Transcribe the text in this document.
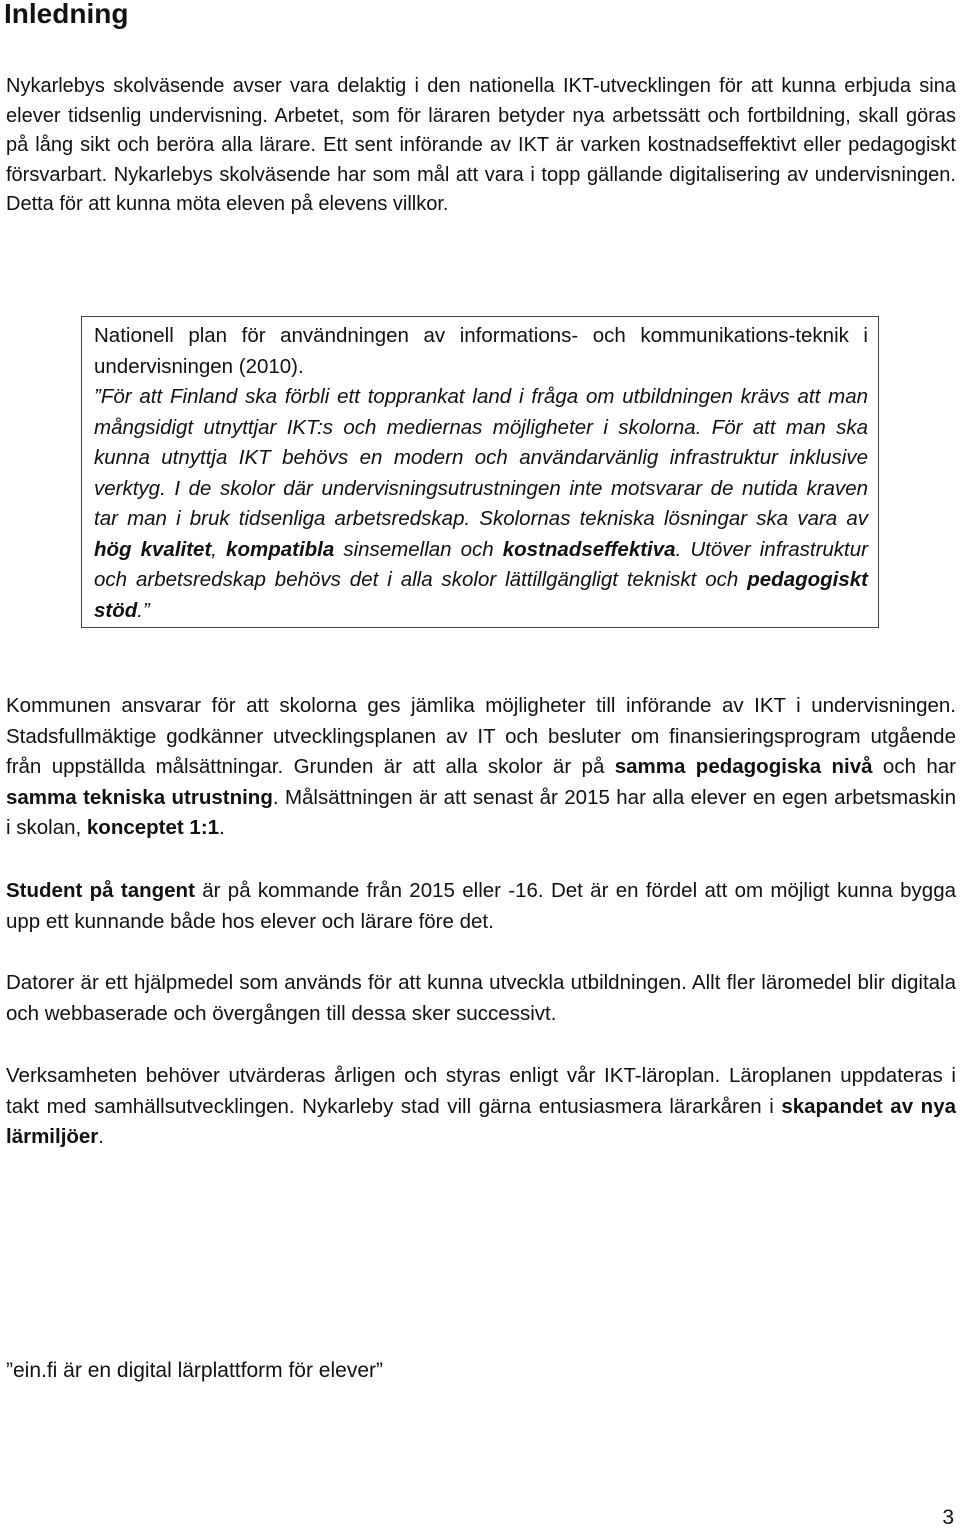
Inledning

Nykarlebys skolväsende avser vara delaktig i den nationella IKT-utvecklingen för att kunna erbjuda sina elever tidsenlig undervisning. Arbetet, som för läraren betyder nya arbetssätt och fortbildning, skall göras på lång sikt och beröra alla lärare. Ett sent införande av IKT är varken kostnadseffektivt eller pedagogiskt försvarbart. Nykarlebys skolväsende har som mål att vara i topp gällande digitalisering av undervisningen. Detta för att kunna möta eleven på elevens villkor.

Nationell plan för användningen av informations- och kommunikations-teknik i undervisningen (2010).

”För att Finland ska förbli ett topprankat land i fråga om utbildningen krävs att man mångsidigt utnyttjar IKT:s och mediernas möjligheter i skolorna. För att man ska kunna utnyttja IKT behövs en modern och användarvänlig infrastruktur inklusive verktyg. I de skolor där undervisningsutrustningen inte motsvarar de nutida kraven tar man i bruk tidsenliga arbetsredskap. Skolornas tekniska lösningar ska vara av hög kvalitet, kompatibla sinsemellan och kostnadseffektiva. Utöver infrastruktur och arbetsredskap behövs det i alla skolor lättillgängligt tekniskt och pedagogiskt stöd.”

Kommunen ansvarar för att skolorna ges jämlika möjligheter till införande av IKT i undervisningen. Stadsfullmäktige godkänner utvecklingsplanen av IT och besluter om finansieringsprogram utgående från uppställda målsättningar. Grunden är att alla skolor är på samma pedagogiska nivå och har samma tekniska utrustning. Målsättningen är att senast år 2015 har alla elever en egen arbetsmaskin i skolan, konceptet 1:1.

Student på tangent är på kommande från 2015 eller -16. Det är en fördel att om möjligt kunna bygga upp ett kunnande både hos elever och lärare före det.

Datorer är ett hjälpmedel som används för att kunna utveckla utbildningen. Allt fler läromedel blir digitala och webbaserade och övergången till dessa sker successivt.

Verksamheten behöver utvärderas årligen och styras enligt vår IKT-läroplan. Läroplanen uppdateras i takt med samhällsutvecklingen. Nykarleby stad vill gärna entusiasmera lärarkåren i skapandet av nya lärmiljöer.

”ein.fi är en digital lärplattform för elever”

3
